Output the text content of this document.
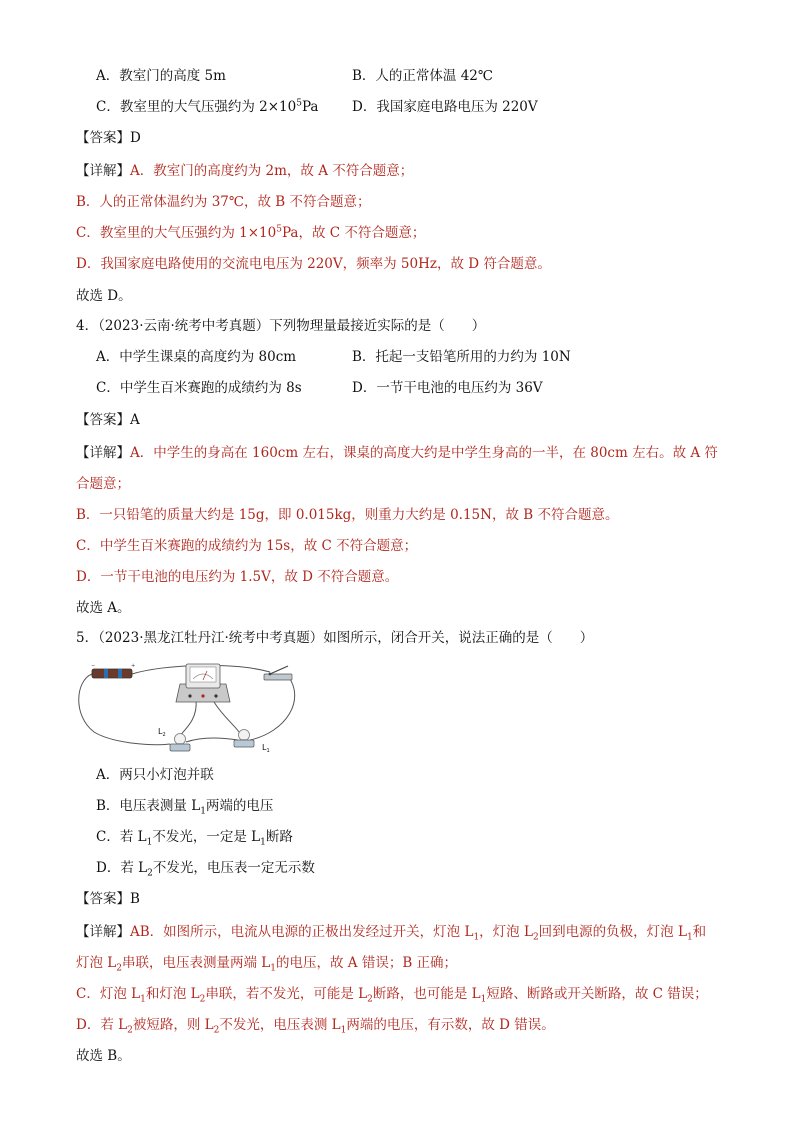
A．教室门的高度 5m	B．人的正常体温 42℃
C．教室里的大气压强约为 $2\times 10^5Pa$ D．我国家庭电路电压为 220V
【答案】D
【详解】A．教室门的高度约为 2m，故 A 不符合题意；
B．人的正常体温约为 37℃，故 B 不符合题意；
C．教室里的大气压强约为 $1\times 10^5Pa$，故 C 不符合题意；
D．我国家庭电路使用的交流电电压为 220V，频率为 50Hz，故 D 符合题意。
故选 D。
4．（2023·云南·统考中考真题）下列物理量最接近实际的是（　　）
A．中学生课桌的高度约为 80cm	B．托起一支铅笔所用的力约为 10N
C．中学生百米赛跑的成绩约为 8s	D．一节干电池的电压约为 36V
【答案】A
【详解】A．中学生的身高在 160cm 左右，课桌的高度大约是中学生身高的一半，在 80cm 左右。故 A 符
合题意；
B．一只铅笔的质量大约是 15g，即 0.015kg，则重力大约是 0.15N，故 B 不符合题意。
C．中学生百米赛跑的成绩约为 15s，故 C 不符合题意；
D．一节干电池的电压约为 1.5V，故 D 不符合题意。
故选 A。
5．（2023·黑龙江牡丹江·统考中考真题）如图所示，闭合开关，说法正确的是（　　）
−	+
$L_2$
$L_1$
A．两只小灯泡并联
B．电压表测量 $L_1$两端的电压
C．若 $L_1$不发光，一定是 $L_1$断路
D．若 $L_2$不发光，电压表一定无示数
【答案】B
【详解】AB．如图所示，电流从电源的正极出发经过开关，灯泡 $L_1$，灯泡 $L_2$回到电源的负极，灯泡 $L_1$和
灯泡 $L_2$串联，电压表测量两端 $L_1$的电压，故 A 错误；B 正确；
C．灯泡 $L_1$和灯泡 $L_2$串联，若不发光，可能是 $L_2$断路，也可能是 $L_1$短路、断路或开关断路，故 C 错误；
D．若 $L_2$被短路，则 $L_2$不发光，电压表测 $L_1$两端的电压，有示数，故 D 错误。
故选 B。
